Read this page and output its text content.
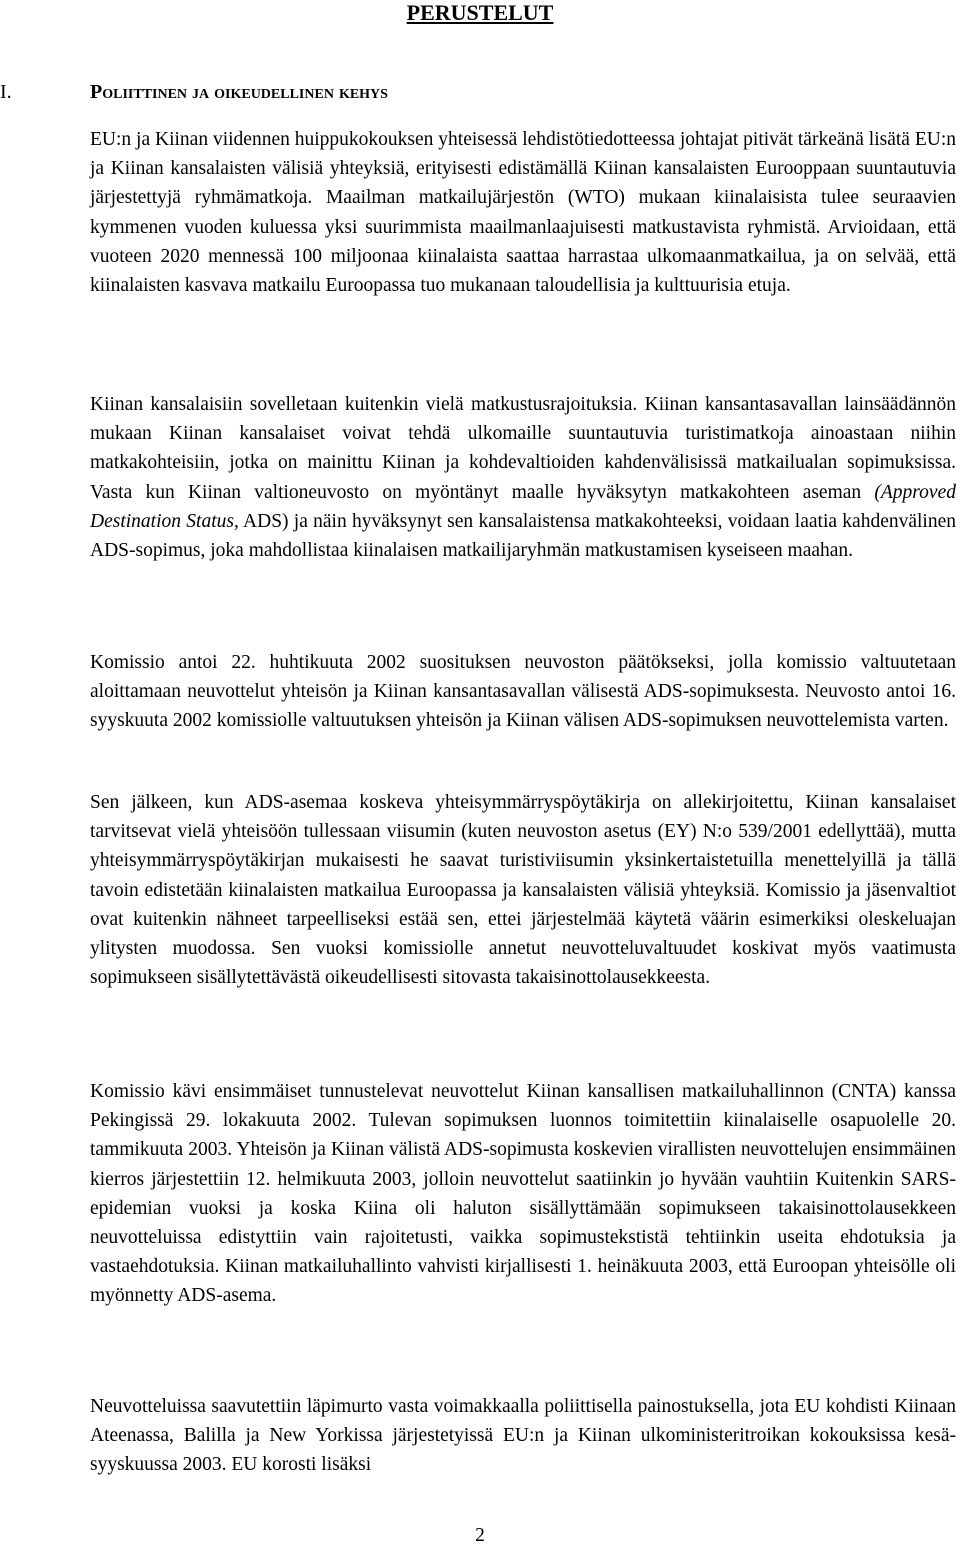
PERUSTELUT
I.	Poliittinen ja oikeudellinen kehys

EU:n ja Kiinan viidennen huippukokouksen yhteisessä lehdistötiedotteessa johtajat pitivät tärkeänä lisätä EU:n ja Kiinan kansalaisten välisiä yhteyksiä, erityisesti edistämällä Kiinan kansalaisten Eurooppaan suuntautuvia järjestettyjä ryhmämatkoja. Maailman matkailujärjestön (WTO) mukaan kiinalaisista tulee seuraavien kymmenen vuoden kuluessa yksi suurimmista maailmanlaajuisesti matkustavista ryhmistä. Arvioidaan, että vuoteen 2020 mennessä 100 miljoonaa kiinalaista saattaa harrastaa ulkomaanmatkailua, ja on selvää, että kiinalaisten kasvava matkailu Euroopassa tuo mukanaan taloudellisia ja kulttuurisia etuja.

Kiinan kansalaisiin sovelletaan kuitenkin vielä matkustusrajoituksia. Kiinan kansantasavallan lainsäädännön mukaan Kiinan kansalaiset voivat tehdä ulkomaille suuntautuvia turistimatkoja ainoastaan niihin matkakohteisiin, jotka on mainittu Kiinan ja kohdevaltioiden kahdenvälisissä matkailualan sopimuksissa. Vasta kun Kiinan valtioneuvosto on myöntänyt maalle hyväksytyn matkakohteen aseman (Approved Destination Status, ADS) ja näin hyväksynyt sen kansalaistensa matkakohteeksi, voidaan laatia kahdenvälinen ADS-sopimus, joka mahdollistaa kiinalaisen matkailijaryhmän matkustamisen kyseiseen maahan.

Komissio antoi 22. huhtikuuta 2002 suosituksen neuvoston päätökseksi, jolla komissio valtuutetaan aloittamaan neuvottelut yhteisön ja Kiinan kansantasavallan välisestä ADS-sopimuksesta. Neuvosto antoi 16. syyskuuta 2002 komissiolle valtuutuksen yhteisön ja Kiinan välisen ADS-sopimuksen neuvottelemista varten.

Sen jälkeen, kun ADS-asemaa koskeva yhteisymmärryspöytäkirja on allekirjoitettu, Kiinan kansalaiset tarvitsevat vielä yhteisöön tullessaan viisumin (kuten neuvoston asetus (EY) N:o 539/2001 edellyttää), mutta yhteisymmärryspöytäkirjan mukaisesti he saavat turistiviisumin yksinkertaistetuilla menettelyillä ja tällä tavoin edistetään kiinalaisten matkailua Euroopassa ja kansalaisten välisiä yhteyksiä. Komissio ja jäsenvaltiot ovat kuitenkin nähneet tarpeelliseksi estää sen, ettei järjestelmää käytetä väärin esimerkiksi oleskeluajan ylitysten muodossa. Sen vuoksi komissiolle annetut neuvotteluvaltuudet koskivat myös vaatimusta sopimukseen sisällytettävästä oikeudellisesti sitovasta takaisinottolausekkeesta.

Komissio kävi ensimmäiset tunnustelevat neuvottelut Kiinan kansallisen matkailuhallinnon (CNTA) kanssa Pekingissä 29. lokakuuta 2002. Tulevan sopimuksen luonnos toimitettiin kiinalaiselle osapuolelle 20. tammikuuta 2003. Yhteisön ja Kiinan välistä ADS-sopimusta koskevien virallisten neuvottelujen ensimmäinen kierros järjestettiin 12. helmikuuta 2003, jolloin neuvottelut saatiinkin jo hyvään vauhtiin Kuitenkin SARS-epidemian vuoksi ja koska Kiina oli haluton sisällyttämään sopimukseen takaisinottolausekkeen neuvotteluissa edistyttiin vain rajoitetusti, vaikka sopimustekstistä tehtiinkin useita ehdotuksia ja vastaehdotuksia. Kiinan matkailuhallinto vahvisti kirjallisesti 1. heinäkuuta 2003, että Euroopan yhteisölle oli myönnetty ADS-asema.

Neuvotteluissa saavutettiin läpimurto vasta voimakkaalla poliittisella painostuksella, jota EU kohdisti Kiinaan Ateenassa, Balilla ja New Yorkissa järjestetyissä EU:n ja Kiinan ulkoministeritroikan kokouksissa kesä-syyskuussa 2003. EU korosti lisäksi

2
